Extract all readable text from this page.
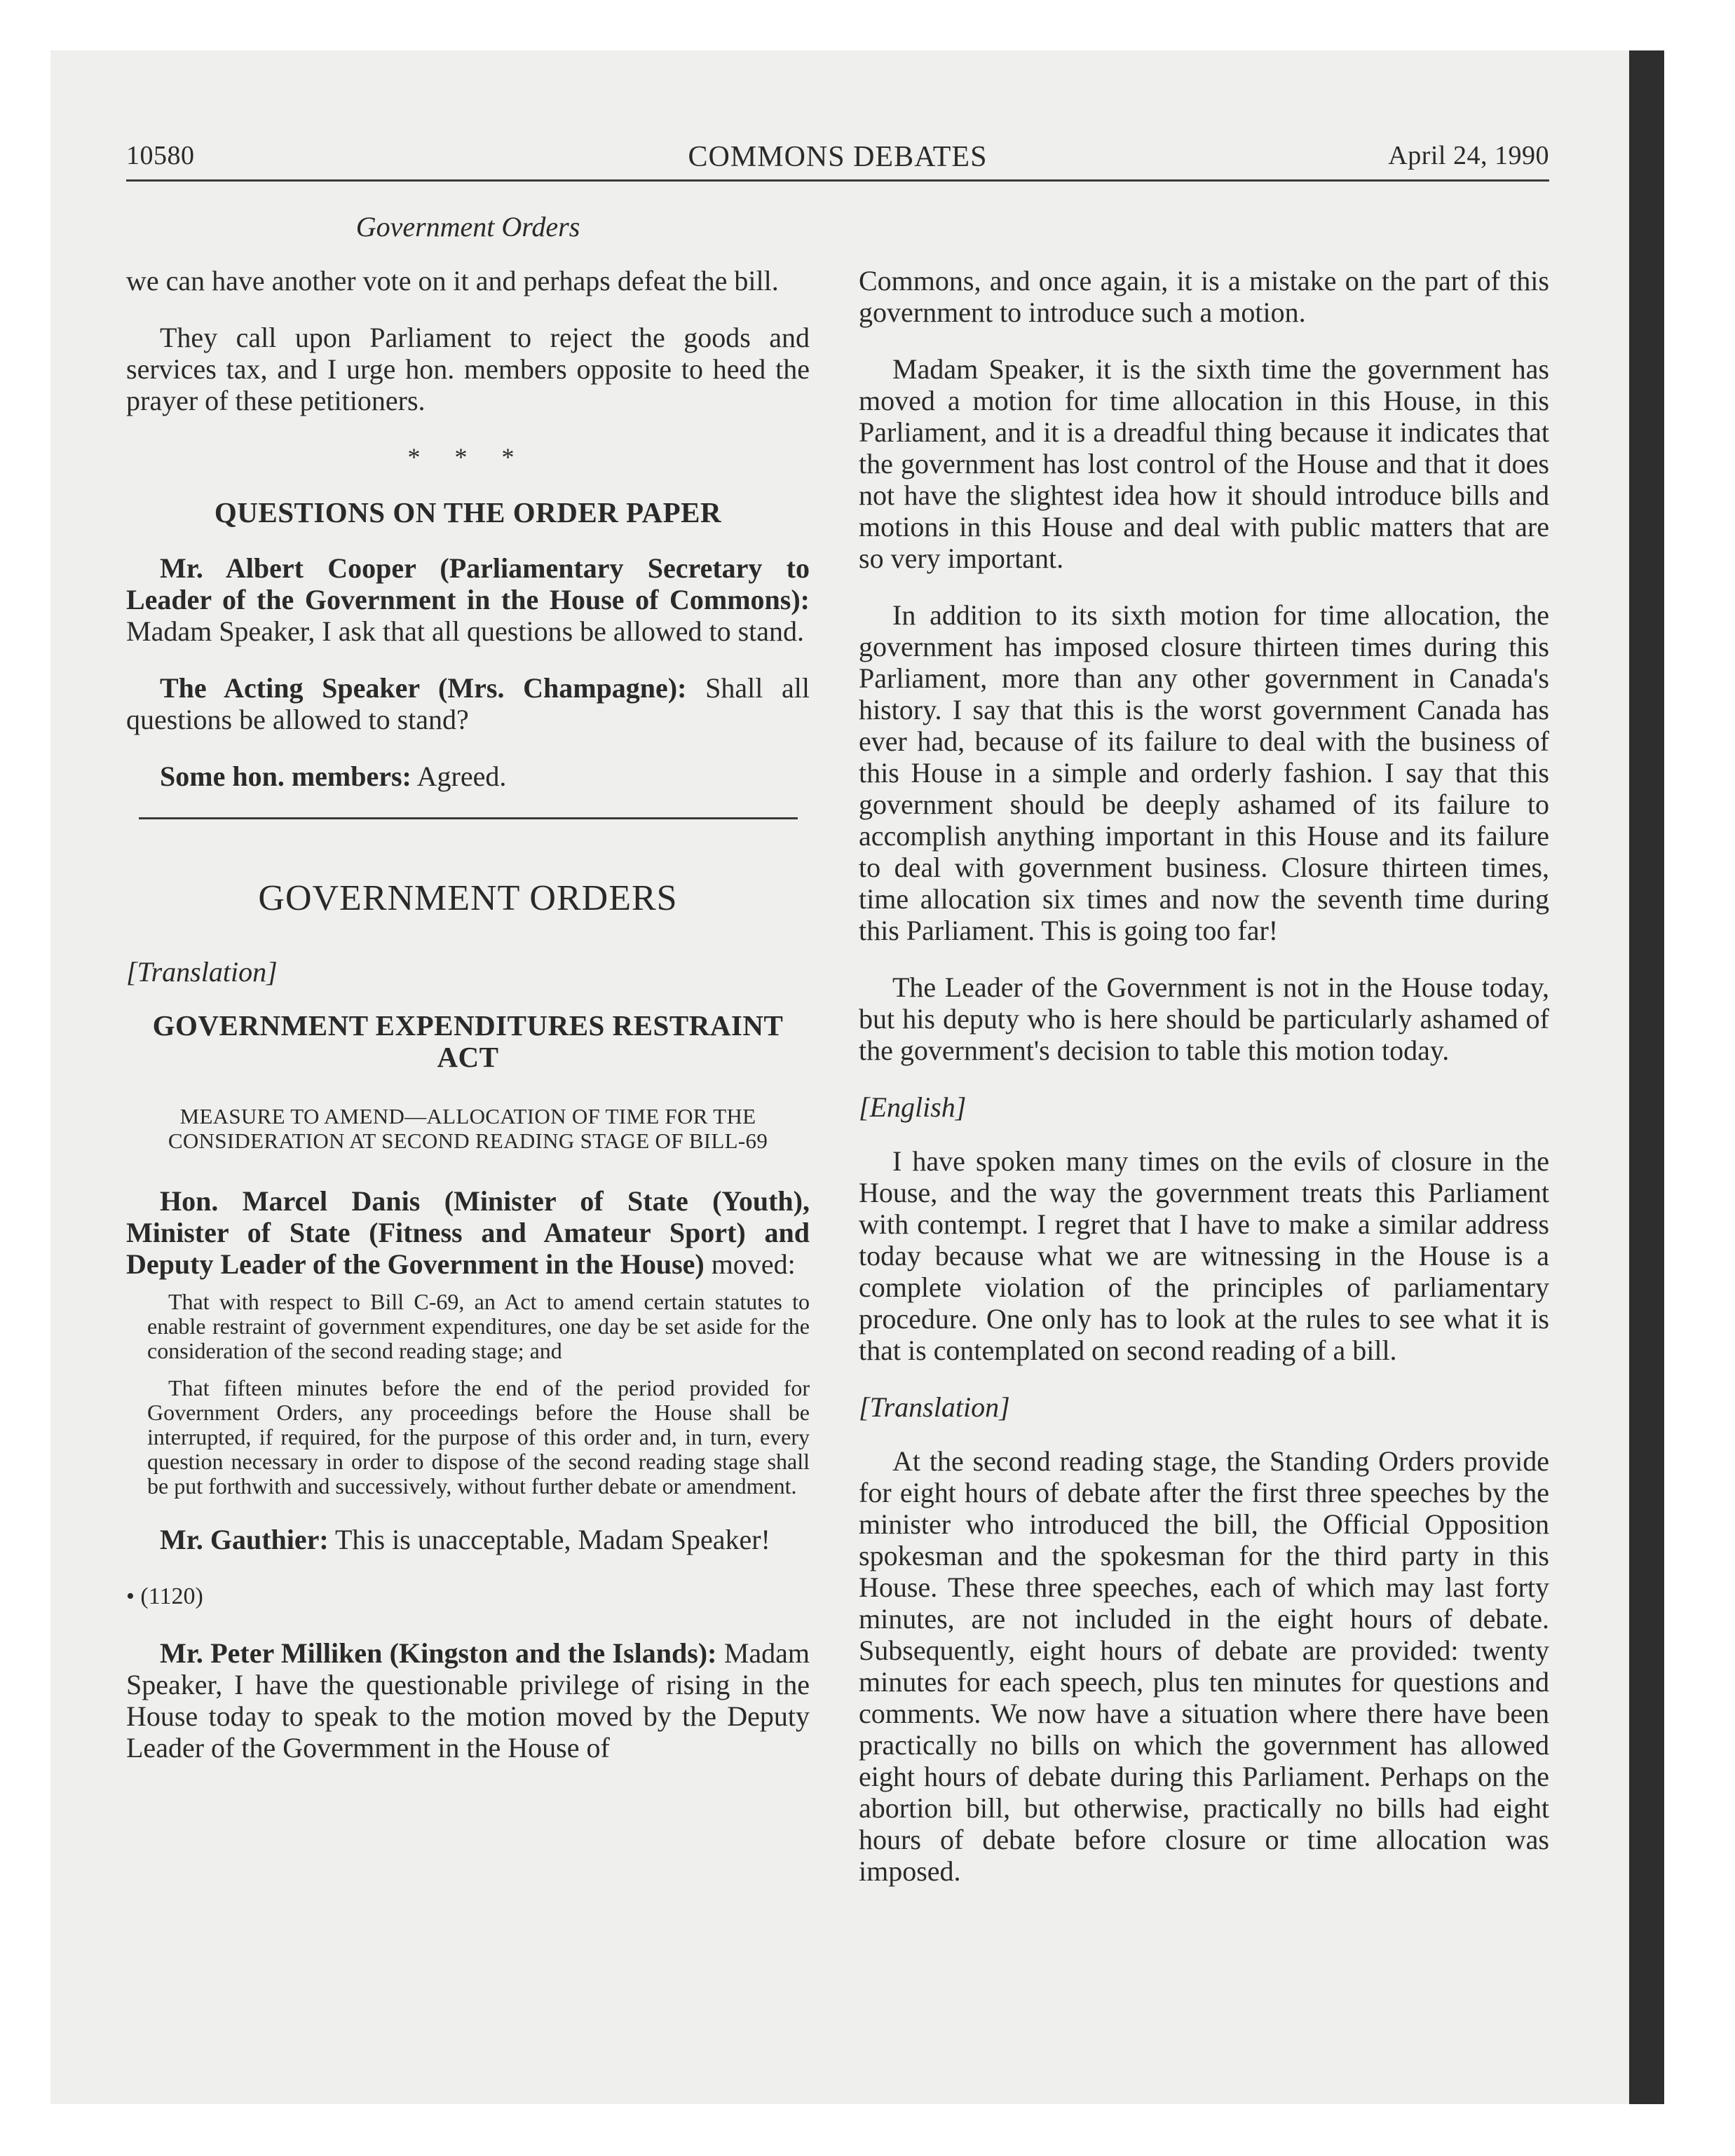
10580	COMMONS DEBATES	April 24, 1990
Government Orders

we can have another vote on it and perhaps defeat the bill.

They call upon Parliament to reject the goods and services tax, and I urge hon. members opposite to heed the prayer of these petitioners.

* * *
QUESTIONS ON THE ORDER PAPER

Mr. Albert Cooper (Parliamentary Secretary to Leader of the Government in the House of Commons): Madam Speaker, I ask that all questions be allowed to stand.

The Acting Speaker (Mrs. Champagne): Shall all questions be allowed to stand?

Some hon. members: Agreed.

GOVERNMENT ORDERS

[Translation]

GOVERNMENT EXPENDITURES RESTRAINT ACT

MEASURE TO AMEND—ALLOCATION OF TIME FOR THE CONSIDERATION AT SECOND READING STAGE OF BILL-69

Hon. Marcel Danis (Minister of State (Youth), Minister of State (Fitness and Amateur Sport) and Deputy Leader of the Government in the House) moved:

That with respect to Bill C-69, an Act to amend certain statutes to enable restraint of government expenditures, one day be set aside for the consideration of the second reading stage; and

That fifteen minutes before the end of the period provided for Government Orders, any proceedings before the House shall be interrupted, if required, for the purpose of this order and, in turn, every question necessary in order to dispose of the second reading stage shall be put forthwith and successively, without further debate or amendment.

Mr. Gauthier: This is unacceptable, Madam Speaker!

• (1120)

Mr. Peter Milliken (Kingston and the Islands): Madam Speaker, I have the questionable privilege of rising in the House today to speak to the motion moved by the Deputy Leader of the Govermment in the House of

Commons, and once again, it is a mistake on the part of this government to introduce such a motion.

Madam Speaker, it is the sixth time the government has moved a motion for time allocation in this House, in this Parliament, and it is a dreadful thing because it indicates that the government has lost control of the House and that it does not have the slightest idea how it should introduce bills and motions in this House and deal with public matters that are so very important.

In addition to its sixth motion for time allocation, the government has imposed closure thirteen times during this Parliament, more than any other government in Canada's history. I say that this is the worst government Canada has ever had, because of its failure to deal with the business of this House in a simple and orderly fashion. I say that this government should be deeply ashamed of its failure to accomplish anything important in this House and its failure to deal with government business. Closure thirteen times, time allocation six times and now the seventh time during this Parliament. This is going too far!

The Leader of the Government is not in the House today, but his deputy who is here should be particularly ashamed of the government's decision to table this motion today.

[English]

I have spoken many times on the evils of closure in the House, and the way the government treats this Parliament with contempt. I regret that I have to make a similar address today because what we are witnessing in the House is a complete violation of the principles of parliamentary procedure. One only has to look at the rules to see what it is that is contemplated on second reading of a bill.

[Translation]

At the second reading stage, the Standing Orders provide for eight hours of debate after the first three speeches by the minister who introduced the bill, the Official Opposition spokesman and the spokesman for the third party in this House. These three speeches, each of which may last forty minutes, are not included in the eight hours of debate. Subsequently, eight hours of debate are provided: twenty minutes for each speech, plus ten minutes for questions and comments. We now have a situation where there have been practically no bills on which the government has allowed eight hours of debate during this Parliament. Perhaps on the abortion bill, but otherwise, practically no bills had eight hours of debate before closure or time allocation was imposed.
